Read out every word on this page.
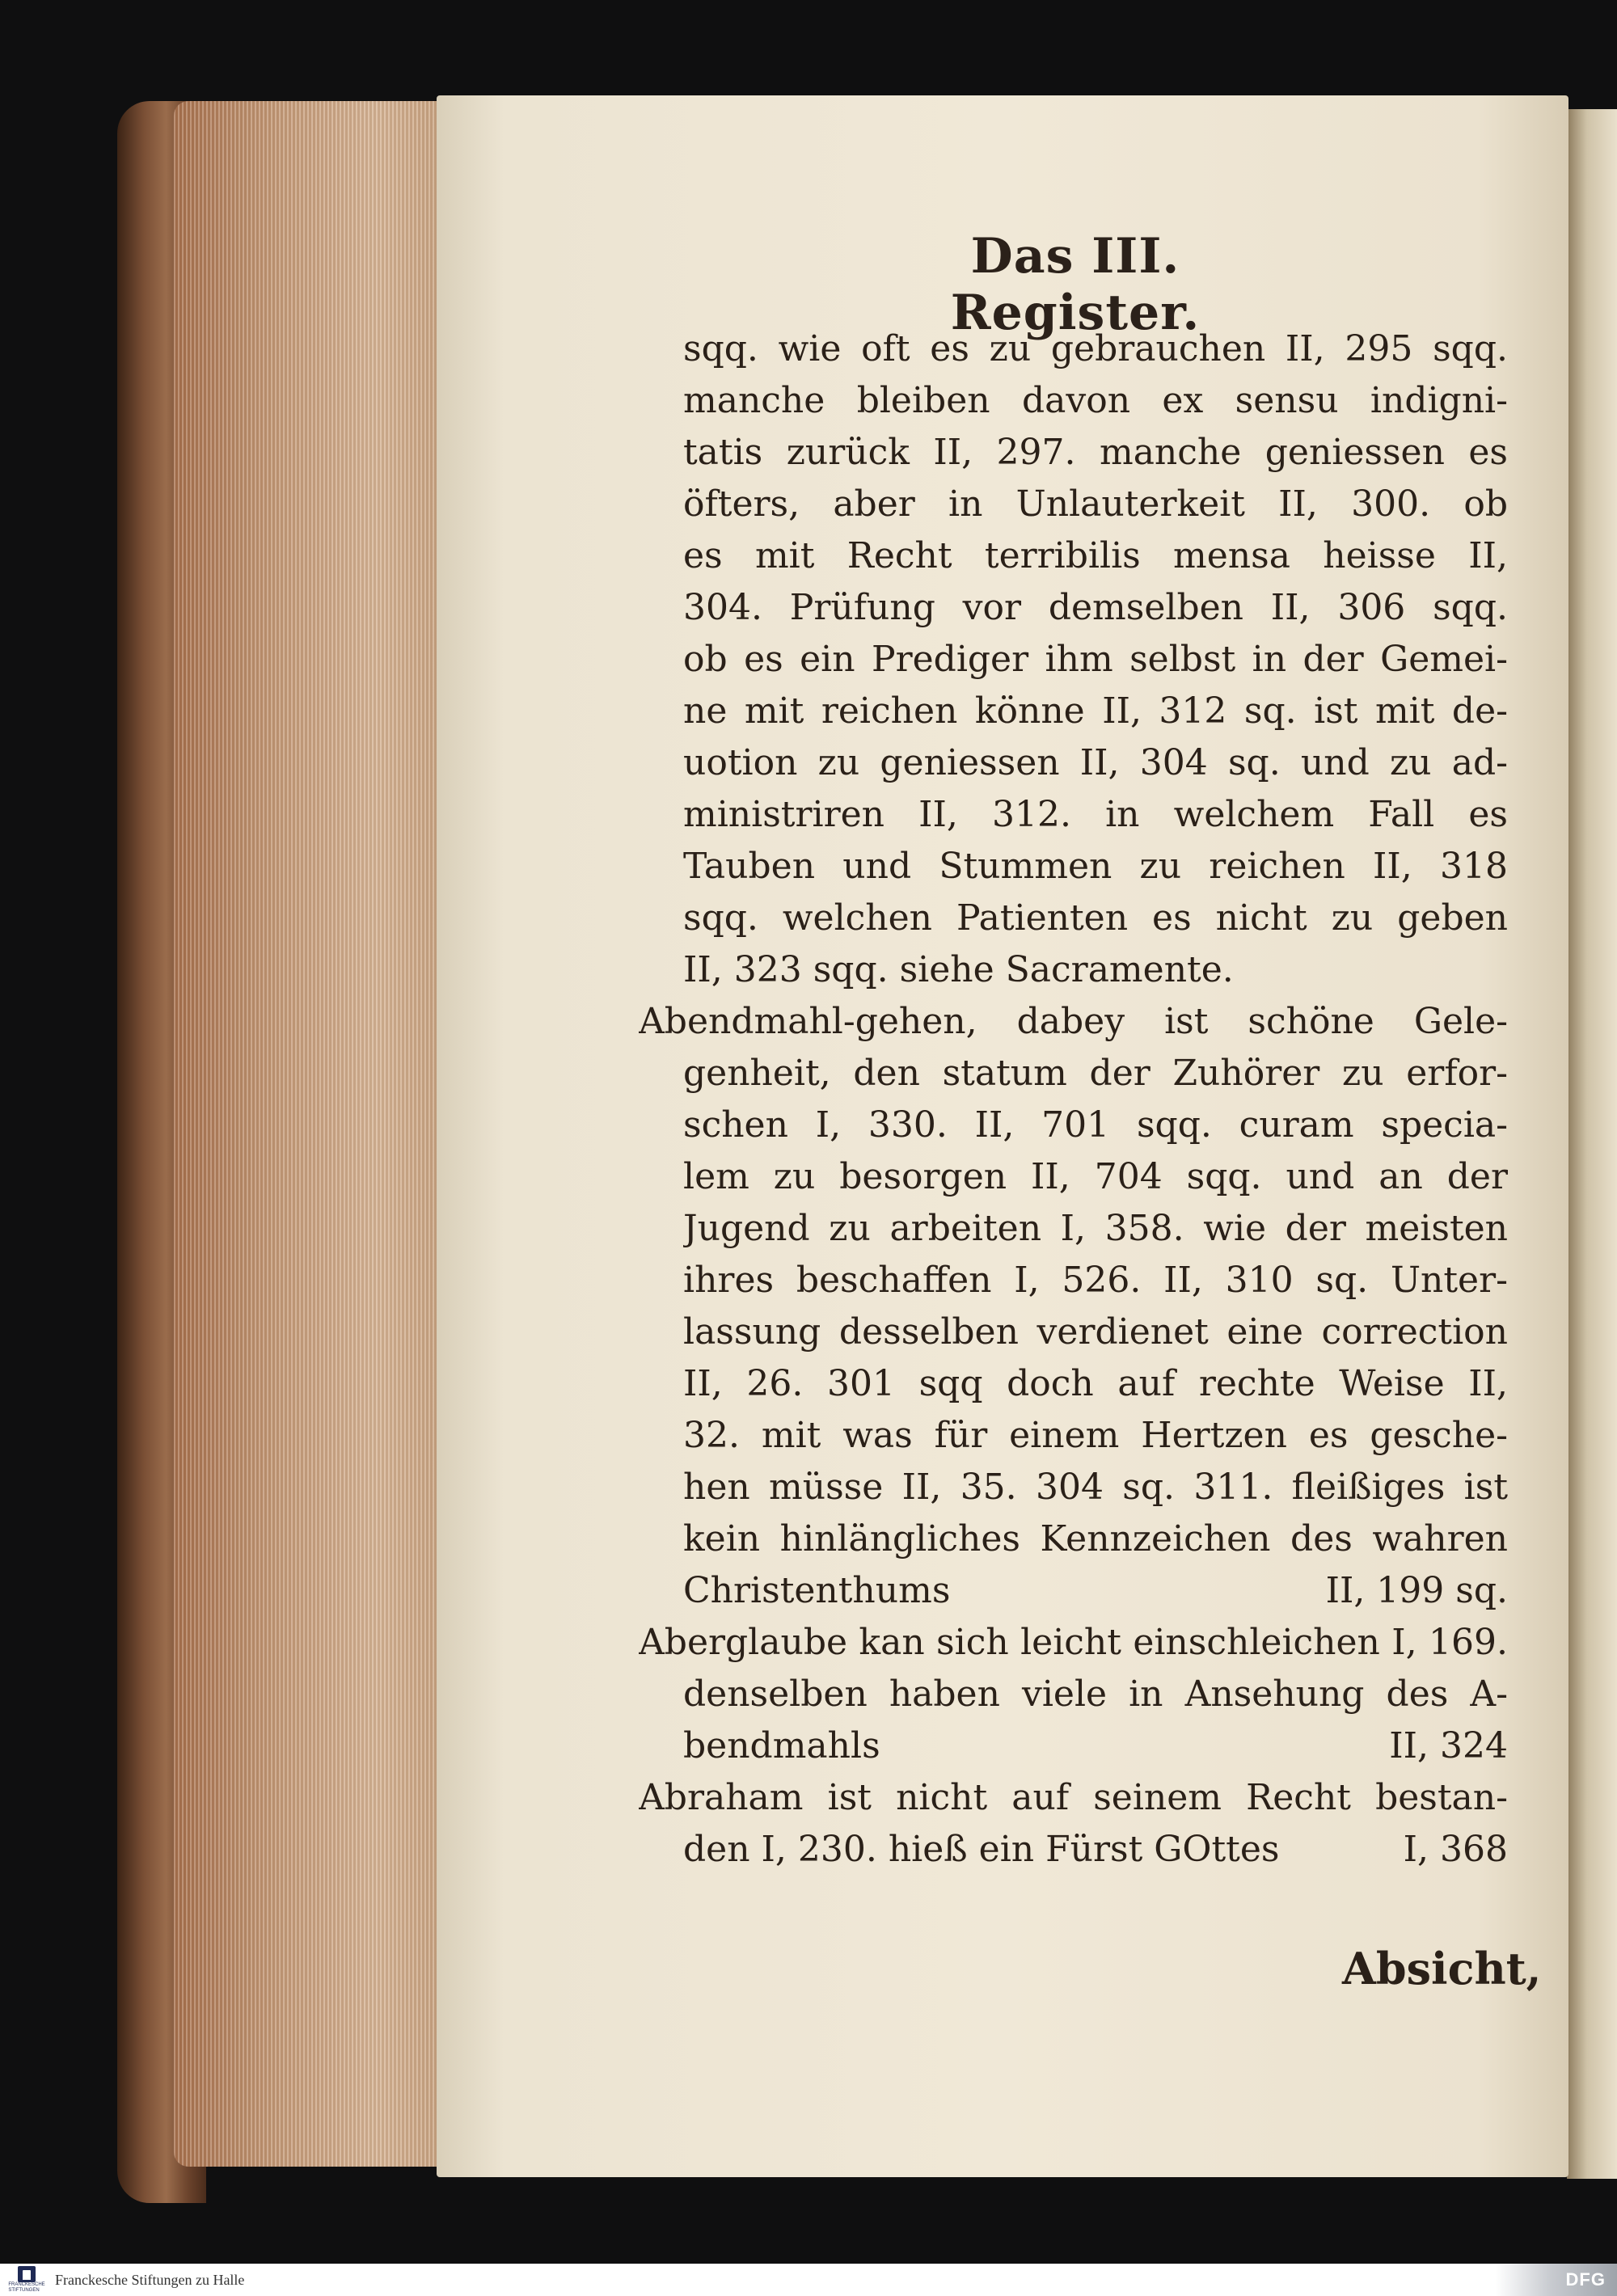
Das III. Register.
sqq. wie oft es zu gebrauchen II, 295 sqq.
manche bleiben davon ex sensu indigni-
tatis zurück II, 297. manche geniessen es
öfters, aber in Unlauterkeit II, 300. ob
es mit Recht terribilis mensa heisse II,
304. Prüfung vor demselben II, 306 sqq.
ob es ein Prediger ihm selbst in der Gemei-
ne mit reichen könne II, 312 sq. ist mit de-
uotion zu geniessen II, 304 sq. und zu ad-
ministriren II, 312. in welchem Fall es
Tauben und Stummen zu reichen II, 318
sqq. welchen Patienten es nicht zu geben
II, 323 sqq. siehe Sacramente.
Abendmahl-gehen, dabey ist schöne Gele-
genheit, den statum der Zuhörer zu erfor-
schen I, 330. II, 701 sqq. curam specia-
lem zu besorgen II, 704 sqq. und an der
Jugend zu arbeiten I, 358. wie der meisten
ihres beschaffen I, 526. II, 310 sq. Unter-
lassung desselben verdienet eine correction
II, 26. 301 sqq doch auf rechte Weise II,
32. mit was für einem Hertzen es gesche-
hen müsse II, 35. 304 sq. 311. fleißiges ist
kein hinlängliches Kennzeichen des wahren
Christenthums	II, 199 sq.
Aberglaube kan sich leicht einschleichen I, 169.
denselben haben viele in Ansehung des A-
bendmahls	II, 324
Abraham ist nicht auf seinem Recht bestan-
den I, 230. hieß ein Fürst GOttes	I, 368
Absicht,
FRANCKESCHE STIFTUNGEN
Franckesche Stiftungen zu Halle	DFG
